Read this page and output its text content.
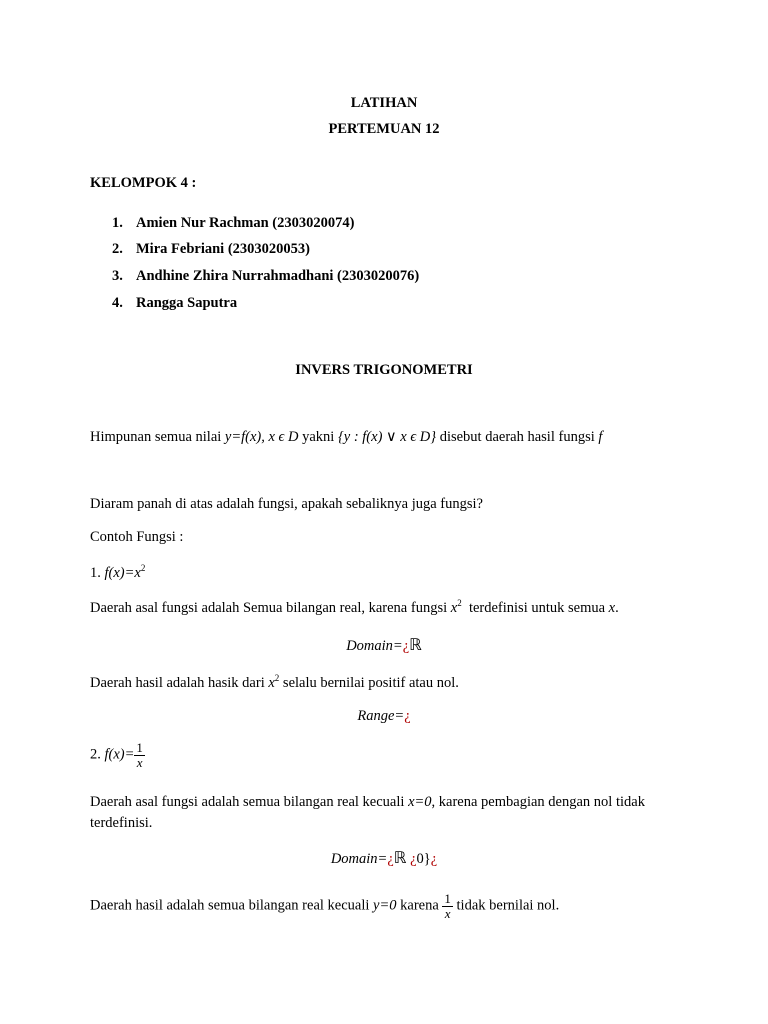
LATIHAN
PERTEMUAN 12
KELOMPOK 4 :
1. Amien Nur Rachman (2303020074)
2. Mira Febriani (2303020053)
3. Andhine Zhira Nurrahmadhani (2303020076)
4. Rangga Saputra
INVERS TRIGONOMETRI
Himpunan semua nilai y=f(x), x ϵ D yakni {y : f(x) ∨ x ϵ D} disebut daerah hasil fungsi f
Diaram panah di atas adalah fungsi, apakah sebaliknya juga fungsi?
Contoh Fungsi :
1. $f(x)=x^2$
Daerah asal fungsi adalah Semua bilangan real, karena fungsi $x^2$ terdefinisi untuk semua x.
Domain=¿ℝ
Daerah hasil adalah hasik dari $x^2$ selalu bernilai positif atau nol.
Range=¿
2. $f(x)= \frac{1}{x}$
Daerah asal fungsi adalah semua bilangan real kecuali x=0, karena pembagian dengan nol tidak
terdefinisi.
Domain=¿ℝ ¿0}¿
Daerah hasil adalah semua bilangan real kecuali y=0 karena $\frac{1}{x}$ tidak bernilai nol.
